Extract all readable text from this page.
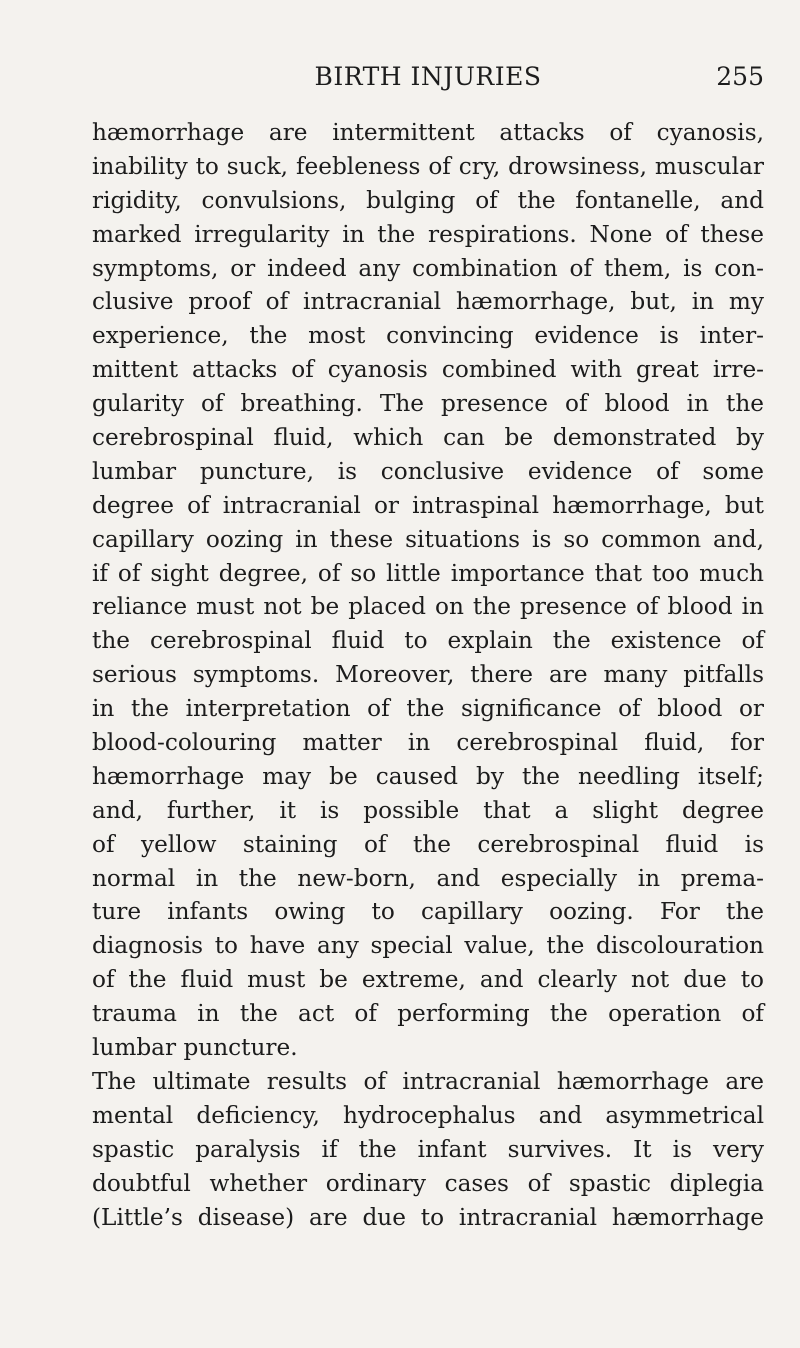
BIRTH INJURIES	255
hæmorrhage are intermittent attacks of cyanosis,
inability to suck, feebleness of cry, drowsiness, muscular
rigidity, convulsions, bulging of the fontanelle, and
marked irregularity in the respirations. None of these
symptoms, or indeed any combination of them, is con-
clusive proof of intracranial hæmorrhage, but, in my
experience, the most convincing evidence is inter-
mittent attacks of cyanosis combined with great irre-
gularity of breathing. The presence of blood in the
cerebrospinal fluid, which can be demonstrated by
lumbar puncture, is conclusive evidence of some
degree of intracranial or intraspinal hæmorrhage, but
capillary oozing in these situations is so common and,
if of sight degree, of so little importance that too much
reliance must not be placed on the presence of blood in
the cerebrospinal fluid to explain the existence of
serious symptoms. Moreover, there are many pitfalls
in the interpretation of the significance of blood or
blood-colouring matter in cerebrospinal fluid, for
hæmorrhage may be caused by the needling itself;
and, further, it is possible that a slight degree
of yellow staining of the cerebrospinal fluid is
normal in the new-born, and especially in prema-
ture infants owing to capillary oozing. For the
diagnosis to have any special value, the discolouration
of the fluid must be extreme, and clearly not due to
trauma in the act of performing the operation of
lumbar puncture.
The ultimate results of intracranial hæmorrhage are
mental deficiency, hydrocephalus and asymmetrical
spastic paralysis if the infant survives. It is very
doubtful whether ordinary cases of spastic diplegia
(Little’s disease) are due to intracranial hæmorrhage
